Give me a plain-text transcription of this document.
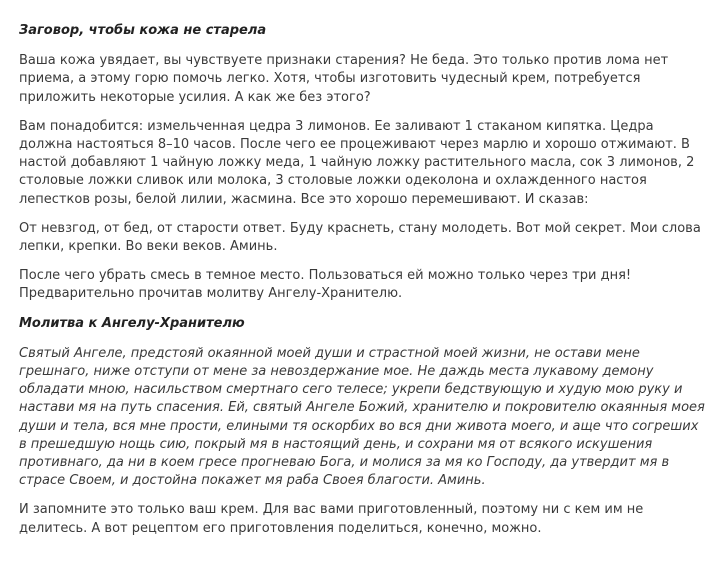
Заговор, чтобы кожа не старела

Ваша кожа увядает, вы чувствуете признаки старения? Не беда. Это только против лома нет приема, а этому горю помочь легко. Хотя, чтобы изготовить чудесный крем, потребуется приложить некоторые усилия. А как же без этого?

Вам понадобится: измельченная цедра 3 лимонов. Ее заливают 1 стаканом кипятка. Цедра должна настояться 8–10 часов. После чего ее процеживают через марлю и хорошо отжимают. В настой добавляют 1 чайную ложку меда, 1 чайную ложку растительного масла, сок 3 лимонов, 2 столовые ложки сливок или молока, 3 столовые ложки одеколона и охлажденного настоя лепестков розы, белой лилии, жасмина. Все это хорошо перемешивают. И сказав:

От невзгод, от бед, от старости ответ. Буду краснеть, стану молодеть. Вот мой секрет. Мои слова лепки, крепки. Во веки веков. Аминь.

После чего убрать смесь в темное место. Пользоваться ей можно только через три дня! Предварительно прочитав молитву Ангелу-Хранителю.

Молитва к Ангелу-Хранителю

Святый Ангеле, предстояй окаянной моей души и страстной моей жизни, не остави мене грешнаго, ниже отступи от мене за невоздержание мое. Не даждь места лукавому демону обладати мною, насильством смертнаго сего телесе; укрепи бедствующую и худую мою руку и настави мя на путь спасения. Ей, святый Ангеле Божий, хранителю и покровителю окаянныя моея души и тела, вся мне прости, елиными тя оскорбих во вся дни живота моего, и аще что согреших в прешедшую нощь сию, покрый мя в настоящий день, и сохрани мя от всякого искушения противнаго, да ни в коем гресе прогневаю Бога, и молися за мя ко Господу, да утвердит мя в страсе Своем, и достойна покажет мя раба Своея благости. Аминь.

И запомните это только ваш крем. Для вас вами приготовленный, поэтому ни с кем им не делитесь. А вот рецептом его приготовления поделиться, конечно, можно.
